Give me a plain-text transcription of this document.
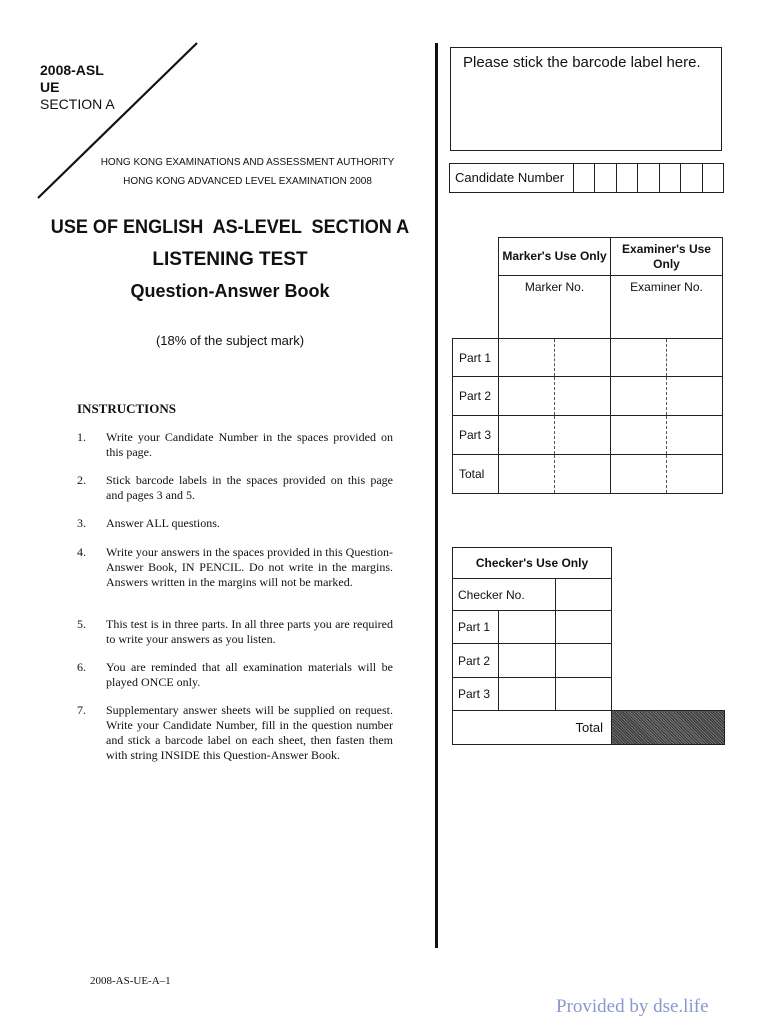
2008-ASL
UE
SECTION A
HONG KONG EXAMINATIONS AND ASSESSMENT AUTHORITY
HONG KONG ADVANCED LEVEL EXAMINATION 2008
USE OF ENGLISH  AS-LEVEL  SECTION A
LISTENING TEST
Question-Answer Book
(18% of the subject mark)
INSTRUCTIONS
1. Write your Candidate Number in the spaces provided on this page.
2. Stick barcode labels in the spaces provided on this page and pages 3 and 5.
3. Answer ALL questions.
4. Write your answers in the spaces provided in this Question-Answer Book, IN PENCIL. Do not write in the margins. Answers written in the margins will not be marked.
5. This test is in three parts. In all three parts you are required to write your answers as you listen.
6. You are reminded that all examination materials will be played ONCE only.
7. Supplementary answer sheets will be supplied on request. Write your Candidate Number, fill in the question number and stick a barcode label on each sheet, then fasten them with string INSIDE this Question-Answer Book.
2008-AS-UE-A–1
Please stick the barcode label here.
Candidate Number
	Marker's Use Only		Examiner's Use Only	
	Marker No.		Examiner No.	
Part 1				
Part 2				
Part 3				
Total				
Checker's Use Only			
Checker No.			
Part 1			
Part 2			
Part 3			
Total			
Provided by dse.life
